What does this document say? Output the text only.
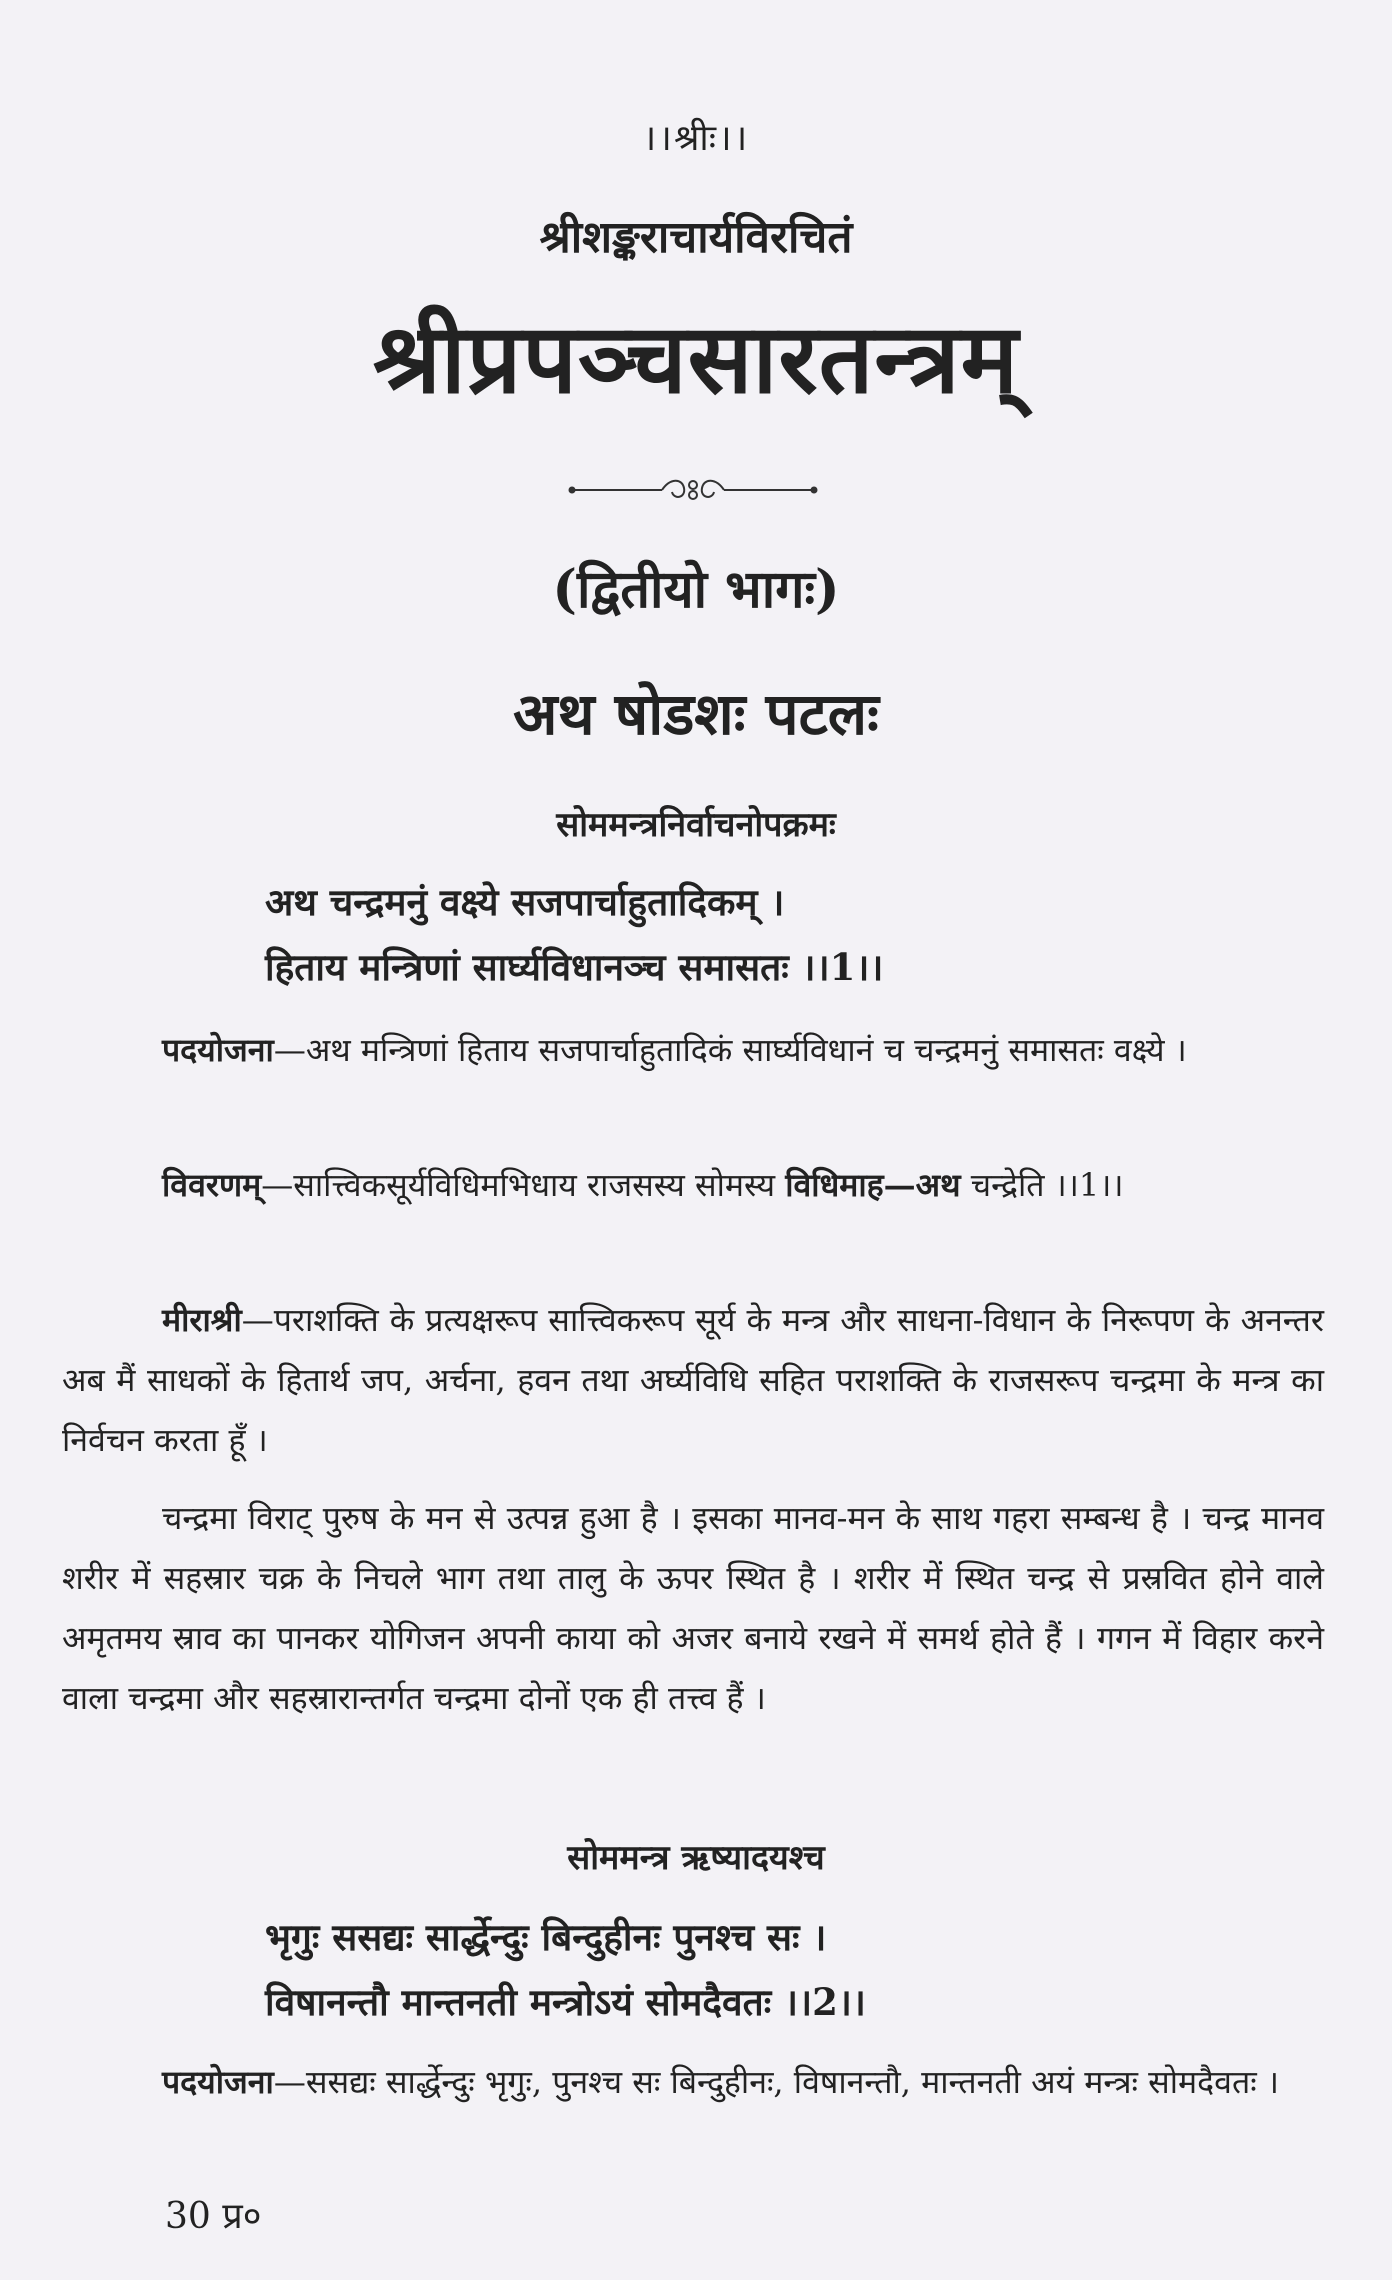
।।श्रीः।।
श्रीशङ्कराचार्यविरचितं
श्रीप्रपञ्चसारतन्त्रम्
(द्वितीयो भागः)
अथ षोडशः पटलः
सोममन्त्रनिर्वाचनोपक्रमः
अथ चन्द्रमनुं वक्ष्ये सजपार्चाहुतादिकम् ।
हिताय मन्त्रिणां सार्घ्यविधानञ्च समासतः ।।1।।

पदयोजना—अथ मन्त्रिणां हिताय सजपार्चाहुतादिकं सार्घ्यविधानं च चन्द्रमनुं समासतः वक्ष्ये ।

विवरणम्—सात्त्विकसूर्यविधिमभिधाय राजसस्य सोमस्य विधिमाह—अथ चन्द्रेति ।।1।।

मीराश्री—पराशक्ति के प्रत्यक्षरूप सात्त्विकरूप सूर्य के मन्त्र और साधना-विधान के निरूपण के अनन्तर अब मैं साधकों के हितार्थ जप, अर्चना, हवन तथा अर्घ्यविधि सहित पराशक्ति के राजसरूप चन्द्रमा के मन्त्र का निर्वचन करता हूँ ।

चन्द्रमा विराट् पुरुष के मन से उत्पन्न हुआ है । इसका मानव-मन के साथ गहरा सम्बन्ध है । चन्द्र मानव शरीर में सहस्रार चक्र के निचले भाग तथा तालु के ऊपर स्थित है । शरीर में स्थित चन्द्र से प्रस्रवित होने वाले अमृतमय स्राव का पानकर योगिजन अपनी काया को अजर बनाये रखने में समर्थ होते हैं । गगन में विहार करने वाला चन्द्रमा और सहस्रारान्तर्गत चन्द्रमा दोनों एक ही तत्त्व हैं ।

सोममन्त्र ऋष्यादयश्च
भृगुः ससद्यः सार्द्धेन्दुः बिन्दुहीनः पुनश्च सः ।
विषानन्तौ मान्तनती मन्त्रोऽयं सोमदैवतः ।।2।।

पदयोजना—ससद्यः सार्द्धेन्दुः भृगुः, पुनश्च सः बिन्दुहीनः, विषानन्तौ, मान्तनती अयं मन्त्रः सोमदैवतः ।

30 प्र०
